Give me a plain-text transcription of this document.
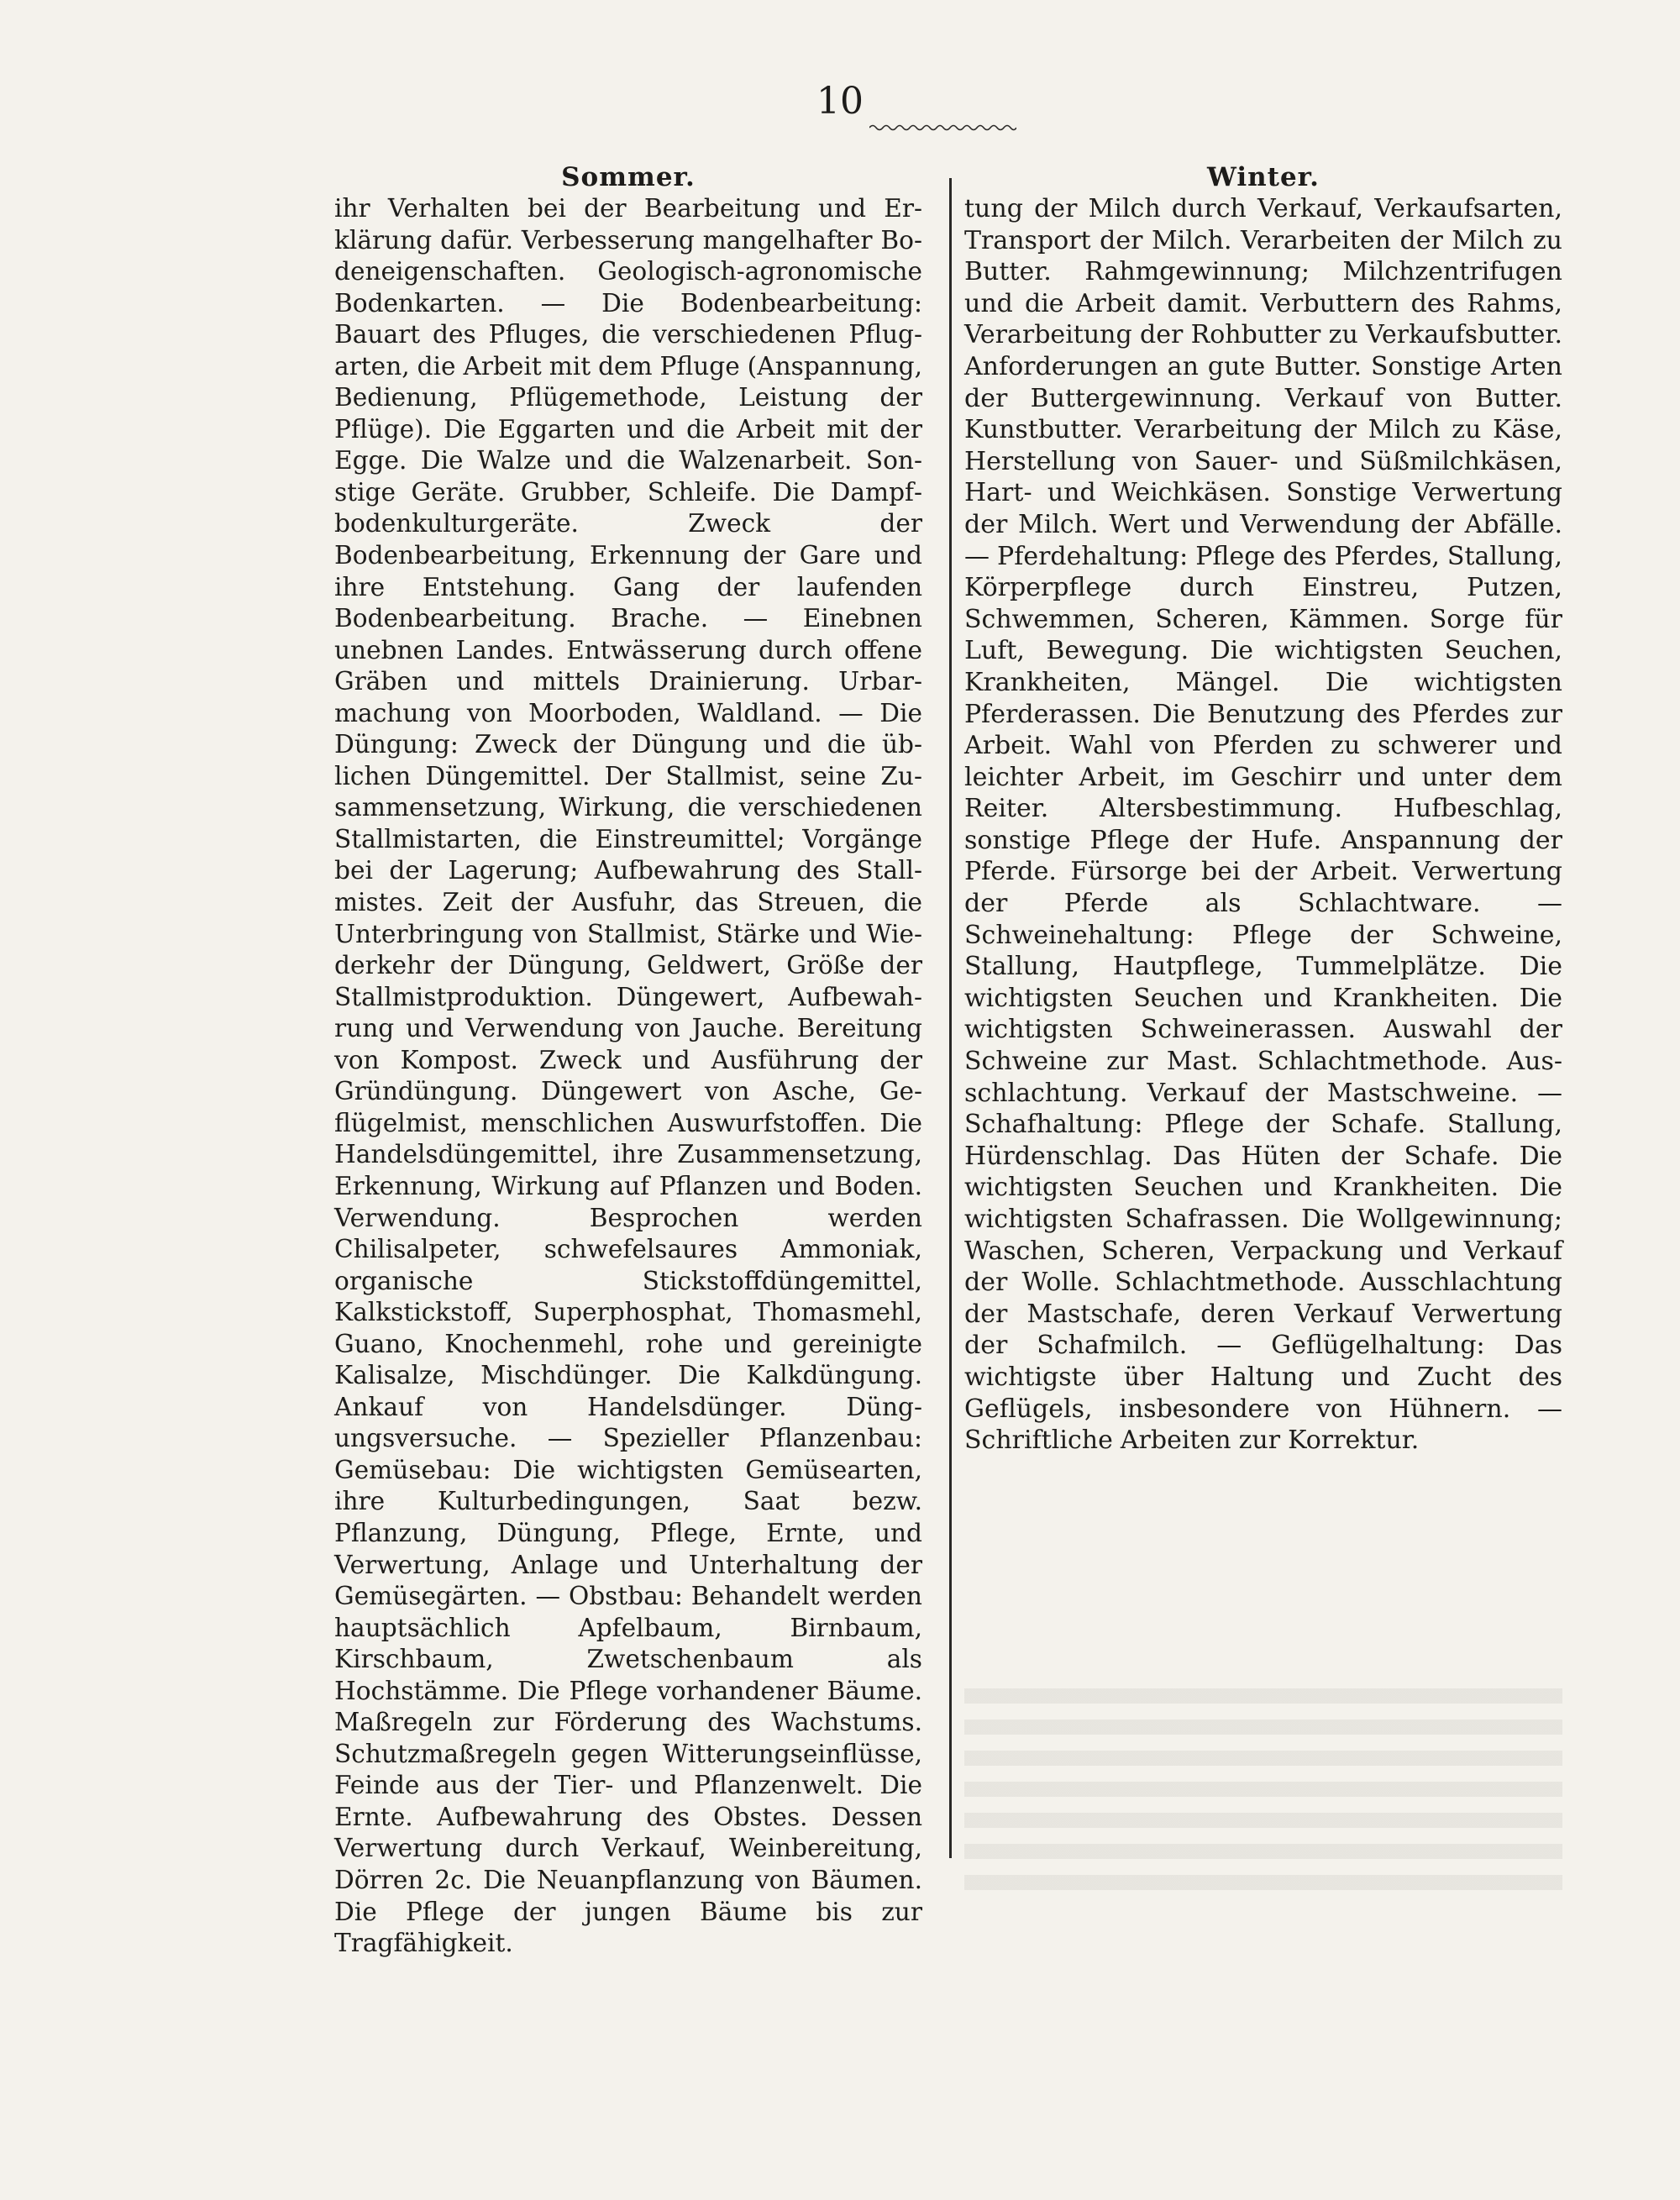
10
Sommer.

ihr Verhalten bei der Bearbeitung und Erklärung dafür. Verbesserung mangelhafter Bodeneigenschaften. Geologisch-agronomische Bodenkarten. — Die Bodenbearbeitung: Bauart des Pfluges, die verschiedenen Pflugarten, die Arbeit mit dem Pfluge (Anspannung, Bedienung, Pflügemethode, Leistung der Pflüge). Die Eggarten und die Arbeit mit der Egge. Die Walze und die Walzenarbeit. Sonstige Geräte. Grubber, Schleife. Die Dampfbodenkulturgeräte. Zweck der Bodenbearbeitung, Erkennung der Gare und ihre Entstehung. Gang der laufenden Bodenbearbeitung. Brache. — Einebnen unebnen Landes. Entwässerung durch offene Gräben und mittels Drainierung. Urbarmachung von Moorboden, Waldland. — Die Düngung: Zweck der Düngung und die üblichen Düngemittel. Der Stallmist, seine Zusammensetzung, Wirkung, die verschiedenen Stallmistarten, die Einstreumittel; Vorgänge bei der Lagerung; Aufbewahrung des Stallmistes. Zeit der Ausfuhr, das Streuen, die Unterbringung von Stallmist, Stärke und Wiederkehr der Düngung, Geldwert, Größe der Stallmistproduktion. Düngewert, Aufbewahrung und Verwendung von Jauche. Bereitung von Kompost. Zweck und Ausführung der Gründüngung. Düngewert von Asche, Geflügelmist, menschlichen Auswurfstoffen. Die Handelsdüngemittel, ihre Zusammensetzung, Erkennung, Wirkung auf Pflanzen und Boden. Verwendung. Besprochen werden Chilisalpeter, schwefelsaures Ammoniak, organische Stickstoffdüngemittel, Kalkstickstoff, Superphosphat, Thomasmehl, Guano, Knochenmehl, rohe und gereinigte Kalisalze, Mischdünger. Die Kalkdüngung. Ankauf von Handelsdünger. Düngungsversuche. — Spezieller Pflanzenbau: Gemüsebau: Die wichtigsten Gemüsearten, ihre Kulturbedingungen, Saat bezw. Pflanzung, Düngung, Pflege, Ernte, und Verwertung, Anlage und Unterhaltung der Gemüsegärten. — Obstbau: Behandelt werden hauptsächlich Apfelbaum, Birnbaum, Kirschbaum, Zwetschenbaum als Hochstämme. Die Pflege vorhandener Bäume. Maßregeln zur Förderung des Wachstums. Schutzmaßregeln gegen Witterungseinflüsse, Feinde aus der Tier- und Pflanzenwelt. Die Ernte. Aufbewahrung des Obstes. Dessen Verwertung durch Verkauf, Weinbereitung, Dörren 2c. Die Neuanpflanzung von Bäumen. Die Pflege der jungen Bäume bis zur Tragfähigkeit.

Winter.

tung der Milch durch Verkauf, Verkaufsarten, Transport der Milch. Verarbeiten der Milch zu Butter. Rahmgewinnung; Milchzentrifugen und die Arbeit damit. Verbuttern des Rahms, Verarbeitung der Rohbutter zu Verkaufsbutter. Anforderungen an gute Butter. Sonstige Arten der Buttergewinnung. Verkauf von Butter. Kunstbutter. Verarbeitung der Milch zu Käse, Herstellung von Sauer- und Süßmilchkäsen, Hart- und Weichkäsen. Sonstige Verwertung der Milch. Wert und Verwendung der Abfälle. — Pferdehaltung: Pflege des Pferdes, Stallung, Körperpflege durch Einstreu, Putzen, Schwemmen, Scheren, Kämmen. Sorge für Luft, Bewegung. Die wichtigsten Seuchen, Krankheiten, Mängel. Die wichtigsten Pferderassen. Die Benutzung des Pferdes zur Arbeit. Wahl von Pferden zu schwerer und leichter Arbeit, im Geschirr und unter dem Reiter. Altersbestimmung. Hufbeschlag, sonstige Pflege der Hufe. Anspannung der Pferde. Fürsorge bei der Arbeit. Verwertung der Pferde als Schlachtware. — Schweinehaltung: Pflege der Schweine, Stallung, Hautpflege, Tummelplätze. Die wichtigsten Seuchen und Krankheiten. Die wichtigsten Schweinerassen. Auswahl der Schweine zur Mast. Schlachtmethode. Ausschlachtung. Verkauf der Mastschweine. — Schafhaltung: Pflege der Schafe. Stallung, Hürdenschlag. Das Hüten der Schafe. Die wichtigsten Seuchen und Krankheiten. Die wichtigsten Schafrassen. Die Wollgewinnung; Waschen, Scheren, Verpackung und Verkauf der Wolle. Schlachtmethode. Ausschlachtung der Mastschafe, deren Verkauf Verwertung der Schafmilch. — Geflügelhaltung: Das wichtigste über Haltung und Zucht des Geflügels, insbesondere von Hühnern. — Schriftliche Arbeiten zur Korrektur.
